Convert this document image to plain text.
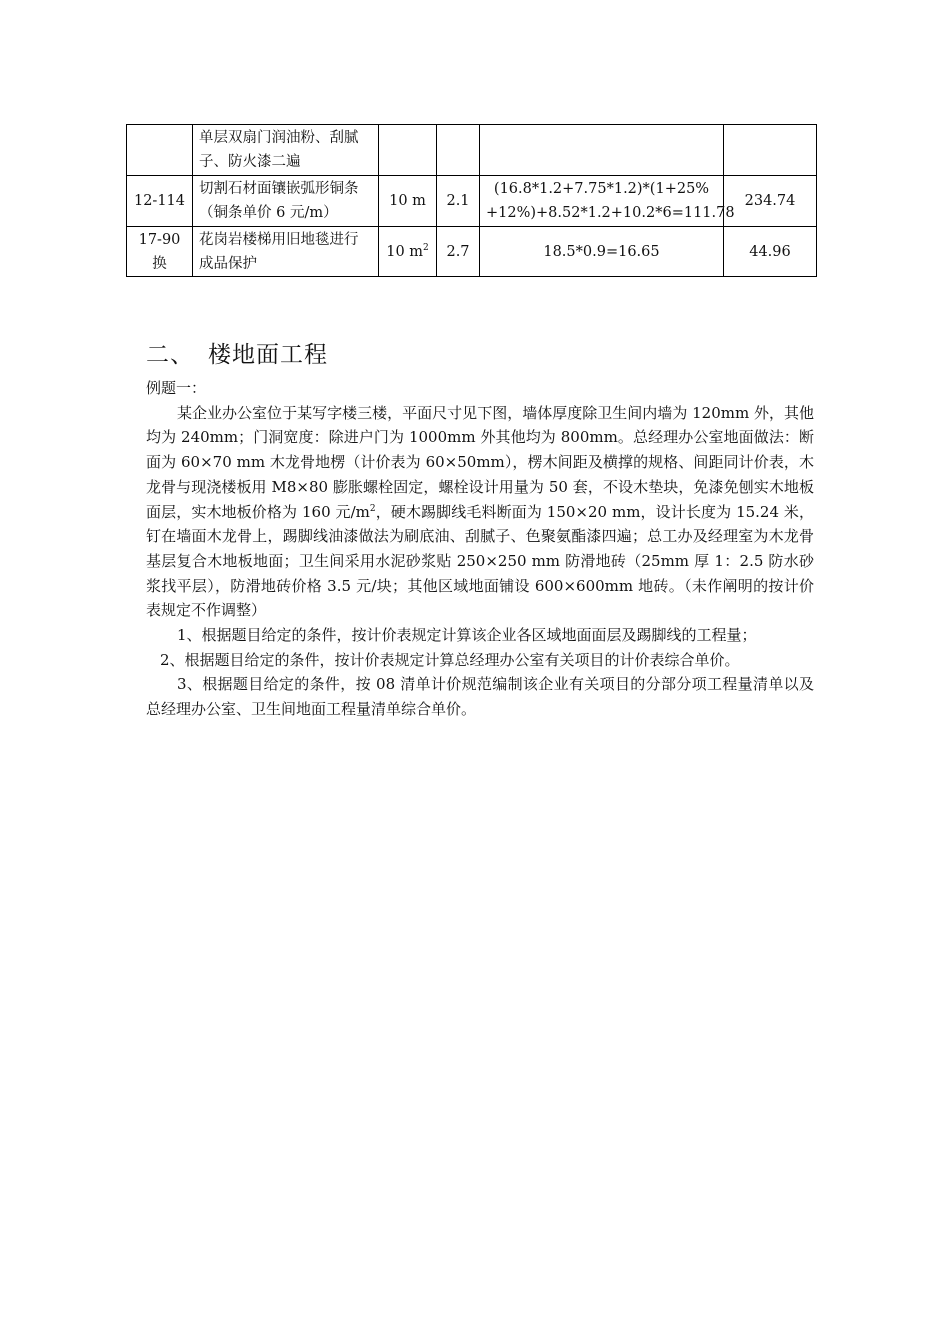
	单层双扇门润油粉、刮腻子、防火漆二遍				
12-114	切割石材面镶嵌弧形铜条（铜条单价 6 元/m）	10 m	2.1	(16.8*1.2+7.75*1.2)*(1+25% +12%)+8.52*1.2+10.2*6=111.78	234.74
17-90 换	花岗岩楼梯用旧地毯进行成品保护	10 $m^2$	2.7	18.5*0.9=16.65	44.96
二、 楼地面工程

例题一：

某企业办公室位于某写字楼三楼，平面尺寸见下图，墙体厚度除卫生间内墙为 120mm 外，其他均为 240mm；门洞宽度：除进户门为 1000mm 外其他均为 800mm。总经理办公室地面做法：断面为 60×70 mm 木龙骨地楞（计价表为 60×50mm），楞木间距及横撑的规格、间距同计价表，木龙骨与现浇楼板用 M8×80 膨胀螺栓固定，螺栓设计用量为 50 套，不设木垫块，免漆免刨实木地板面层，实木地板价格为 160 元$/m^2$，硬木踢脚线毛料断面为 150×20 mm，设计长度为 15.24 米，钉在墙面木龙骨上，踢脚线油漆做法为刷底油、刮腻子、色聚氨酯漆四遍；总工办及经理室为木龙骨基层复合木地板地面；卫生间采用水泥砂浆贴 250×250 mm 防滑地砖（25mm 厚 1：2.5 防水砂浆找平层），防滑地砖价格 3.5 元/块；其他区域地面铺设 600×600mm 地砖。（未作阐明的按计价表规定不作调整）

1、根据题目给定的条件，按计价表规定计算该企业各区域地面面层及踢脚线的工程量；

2、根据题目给定的条件，按计价表规定计算总经理办公室有关项目的计价表综合单价。

3、根据题目给定的条件，按 08 清单计价规范编制该企业有关项目的分部分项工程量清单以及总经理办公室、卫生间地面工程量清单综合单价。
